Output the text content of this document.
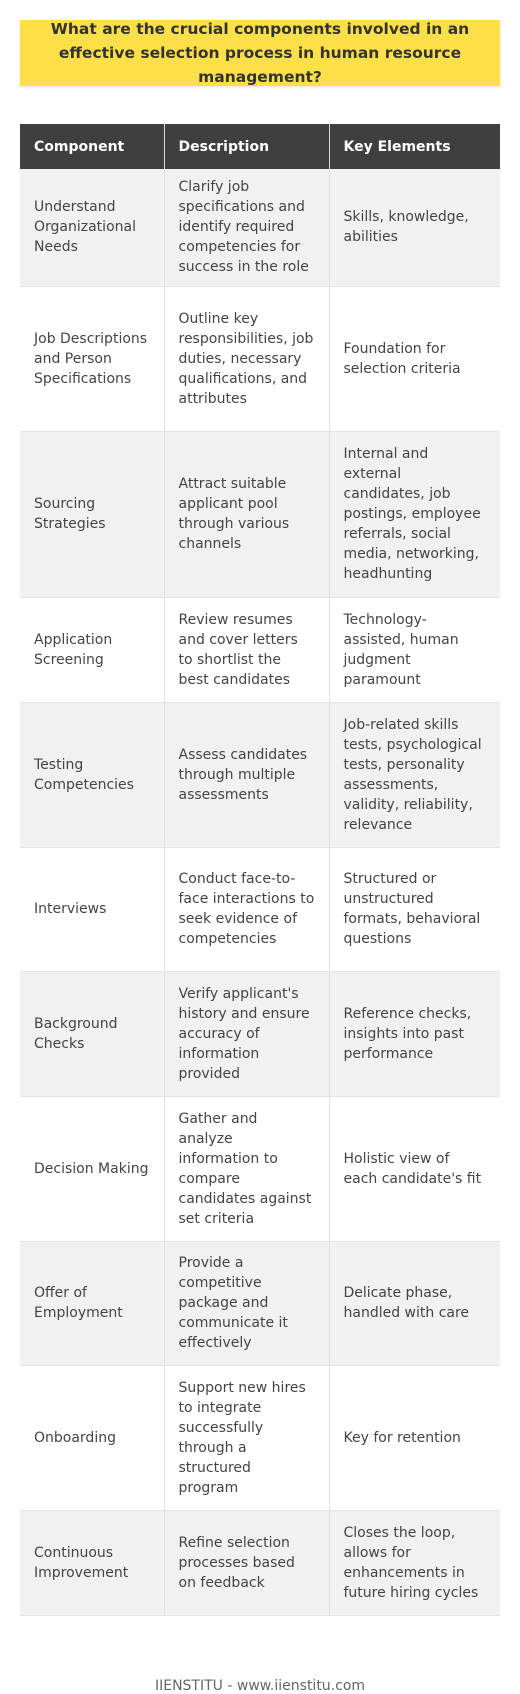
What are the crucial components involved in an effective selection process in human resource management?
Component	Description	Key Elements
Understand Organizational Needs	Clarify job specifications and identify required competencies for success in the role	Skills, knowledge, abilities
Job Descriptions and Person Specifications	Outline key responsibilities, job duties, necessary qualifications, and attributes	Foundation for selection criteria
Sourcing Strategies	Attract suitable applicant pool through various channels	Internal and external candidates, job postings, employee referrals, social media, networking, headhunting
Application Screening	Review resumes and cover letters to shortlist the best candidates	Technology-assisted, human judgment paramount
Testing Competencies	Assess candidates through multiple assessments	Job-related skills tests, psychological tests, personality assessments, validity, reliability, relevance
Interviews	Conduct face-to-face interactions to seek evidence of competencies	Structured or unstructured formats, behavioral questions
Background Checks	Verify applicant's history and ensure accuracy of information provided	Reference checks, insights into past performance
Decision Making	Gather and analyze information to compare candidates against set criteria	Holistic view of each candidate's fit
Offer of Employment	Provide a competitive package and communicate it effectively	Delicate phase, handled with care
Onboarding	Support new hires to integrate successfully through a structured program	Key for retention
Continuous Improvement	Refine selection processes based on feedback	Closes the loop, allows for enhancements in future hiring cycles
IIENSTITU - www.iienstitu.com
